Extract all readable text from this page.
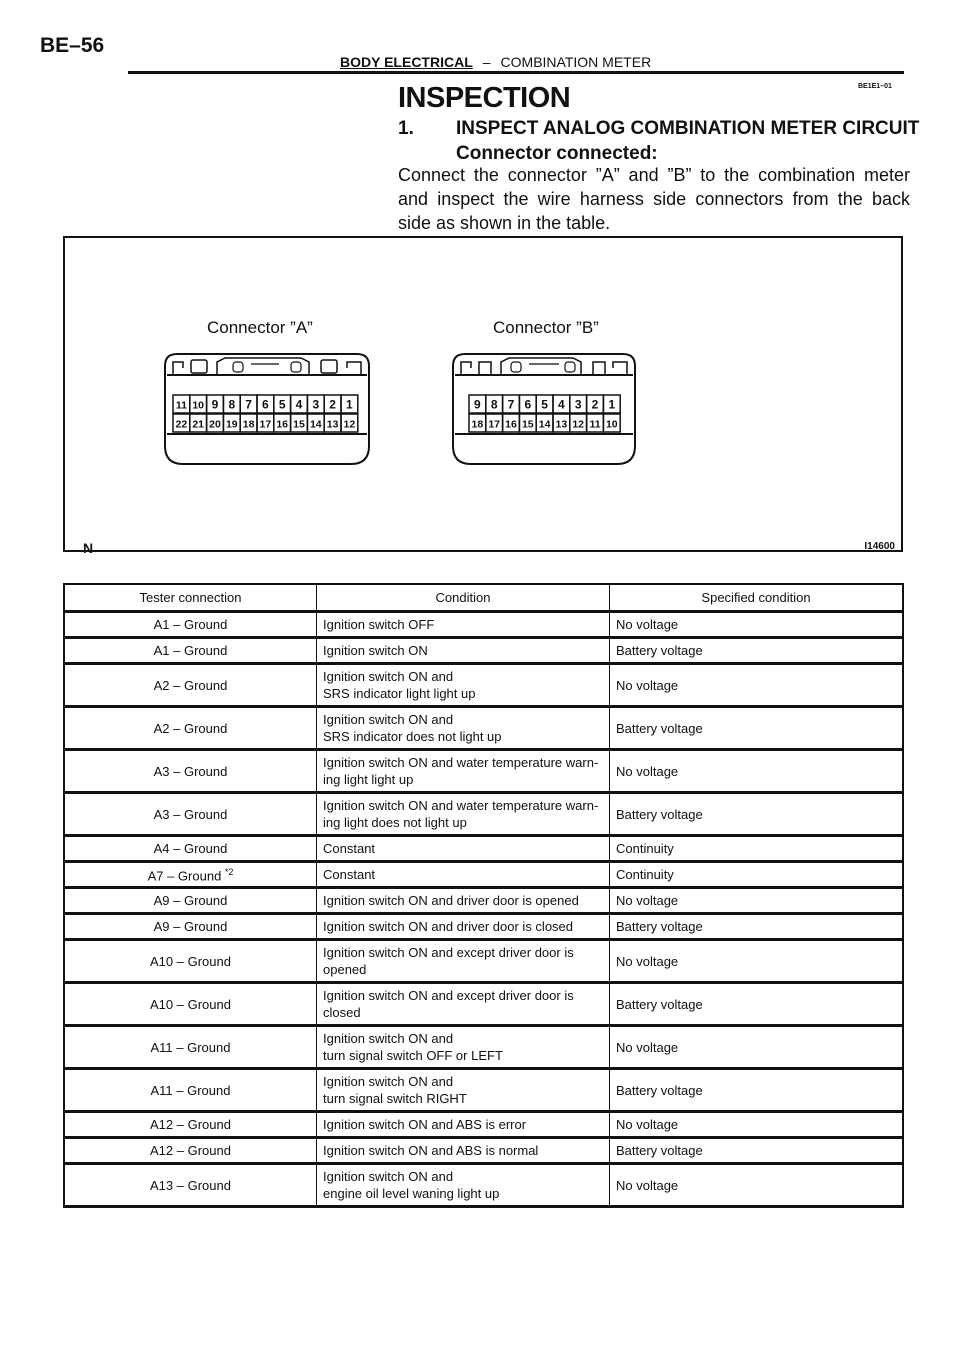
BE–56
BODY ELECTRICAL – COMBINATION METER
BE1E1–01
INSPECTION
1. INSPECT ANALOG COMBINATION METER CIRCUIT
Connector connected:
Connect the connector ”A” and ”B” to the combination meter and inspect the wire harness side connectors from the back side as shown in the table.
Connector ”A”	Connector ”B”
11 10 9 8 7 6 5 4 3 2 1
22 21 20 19 18 17 16 15 14 13 12
9 8 7 6 5 4 3 2 1
18 17 16 15 14 13 12 11 10
N	I14600
Tester connection	Condition	Specified condition
A1 – Ground	Ignition switch OFF	No voltage
A1 – Ground	Ignition switch ON	Battery voltage
A2 – Ground	Ignition switch ON and
SRS indicator light light up	No voltage
A2 – Ground	Ignition switch ON and
SRS indicator does not light up	Battery voltage
A3 – Ground	Ignition switch ON and water temperature warn-
ing light light up	No voltage
A3 – Ground	Ignition switch ON and water temperature warn-
ing light does not light up	Battery voltage
A4 – Ground	Constant	Continuity
A7 – Ground $^{*2}$	Constant	Continuity
A9 – Ground	Ignition switch ON and driver door is opened	No voltage
A9 – Ground	Ignition switch ON and driver door is closed	Battery voltage
A10 – Ground	Ignition switch ON and except driver door is
opened	No voltage
A10 – Ground	Ignition switch ON and except driver door is
closed	Battery voltage
A11 – Ground	Ignition switch ON and
turn signal switch OFF or LEFT	No voltage
A11 – Ground	Ignition switch ON and
turn signal switch RIGHT	Battery voltage
A12 – Ground	Ignition switch ON and ABS is error	No voltage
A12 – Ground	Ignition switch ON and ABS is normal	Battery voltage
A13 – Ground	Ignition switch ON and
engine oil level waning light up	No voltage
